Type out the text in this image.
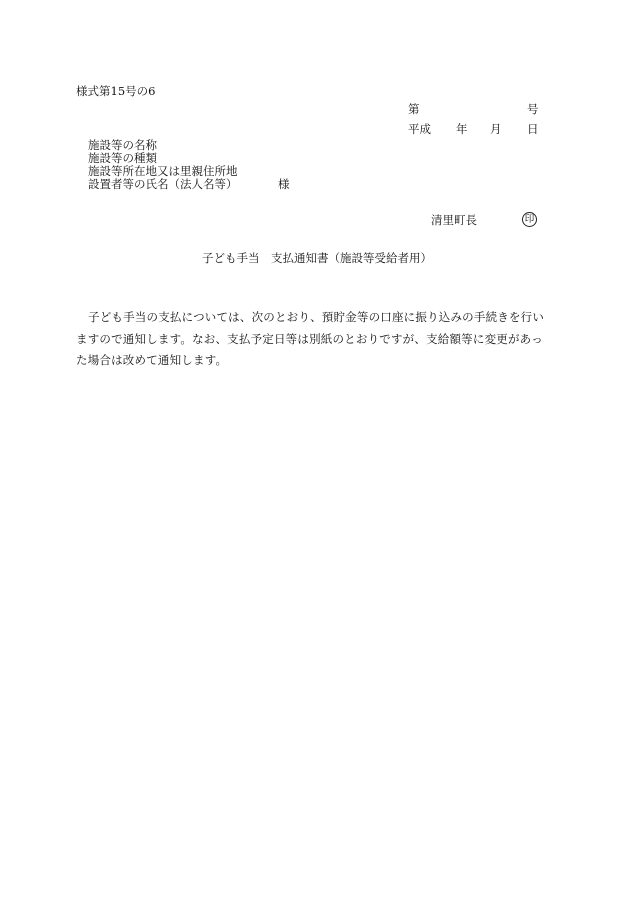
様式第15号の6
第	号
平成 年 月 日
施設等の名称
施設等の種類
施設等所在地又は里親住所地
設置者等の氏名（法人名等）	様
清里町長	印
子ども手当　支払通知書（施設等受給者用）
子ども手当の支払については、次のとおり、預貯金等の口座に振り込みの手続きを行いますので通知します。なお、支払予定日等は別紙のとおりですが、支給額等に変更があった場合は改めて通知します。
